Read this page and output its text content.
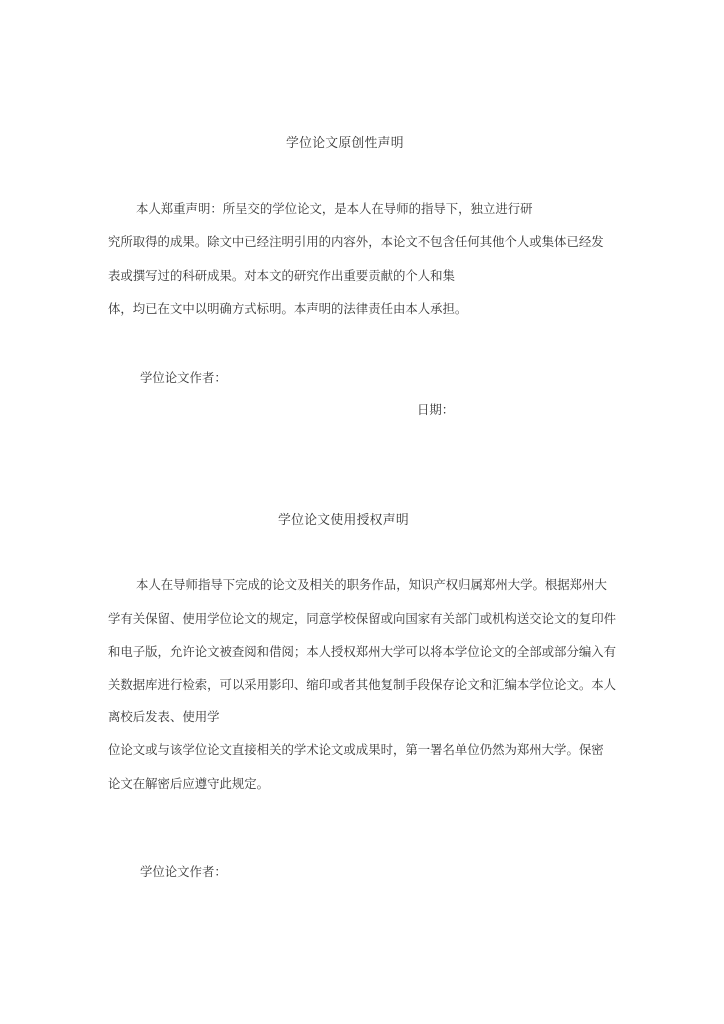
学位论文原创性声明
本人郑重声明：所呈交的学位论文，是本人在导师的指导下，独立进行研
究所取得的成果。除文中已经注明引用的内容外，本论文不包含任何其他个人或集体已经发
表或撰写过的科研成果。对本文的研究作出重要贡献的个人和集
体，均已在文中以明确方式标明。本声明的法律责任由本人承担。
学位论文作者：
日期：
学位论文使用授权声明
本人在导师指导下完成的论文及相关的职务作品，知识产权归属郑州大学。根据郑州大
学有关保留、使用学位论文的规定，同意学校保留或向国家有关部门或机构送交论文的复印件
和电子版，允许论文被查阅和借阅；本人授权郑州大学可以将本学位论文的全部或部分编入有
关数据库进行检索，可以采用影印、缩印或者其他复制手段保存论文和汇编本学位论文。本人
离校后发表、使用学
位论文或与该学位论文直接相关的学术论文或成果时，第一署名单位仍然为郑州大学。保密
论文在解密后应遵守此规定。
学位论文作者：
